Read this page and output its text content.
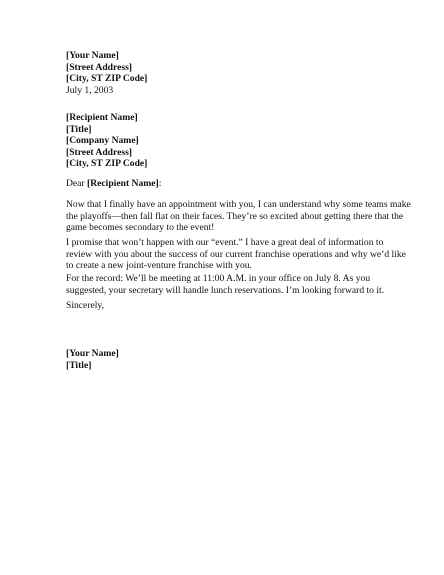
[Your Name]
[Street Address]
[City, ST ZIP Code]
July 1, 2003
[Recipient Name]
[Title]
[Company Name]
[Street Address]
[City, ST ZIP Code]
Dear [Recipient Name]:
Now that I finally have an appointment with you, I can understand why some teams make
the playoffs—then fall flat on their faces. They’re so excited about getting there that the
game becomes secondary to the event!
I promise that won’t happen with our “event.” I have a great deal of information to
review with you about the success of our current franchise operations and why we’d like
to create a new joint-venture franchise with you.
For the record: We’ll be meeting at 11:00 A.M. in your office on July 8. As you
suggested, your secretary will handle lunch reservations. I’m looking forward to it.
Sincerely,
[Your Name]
[Title]
